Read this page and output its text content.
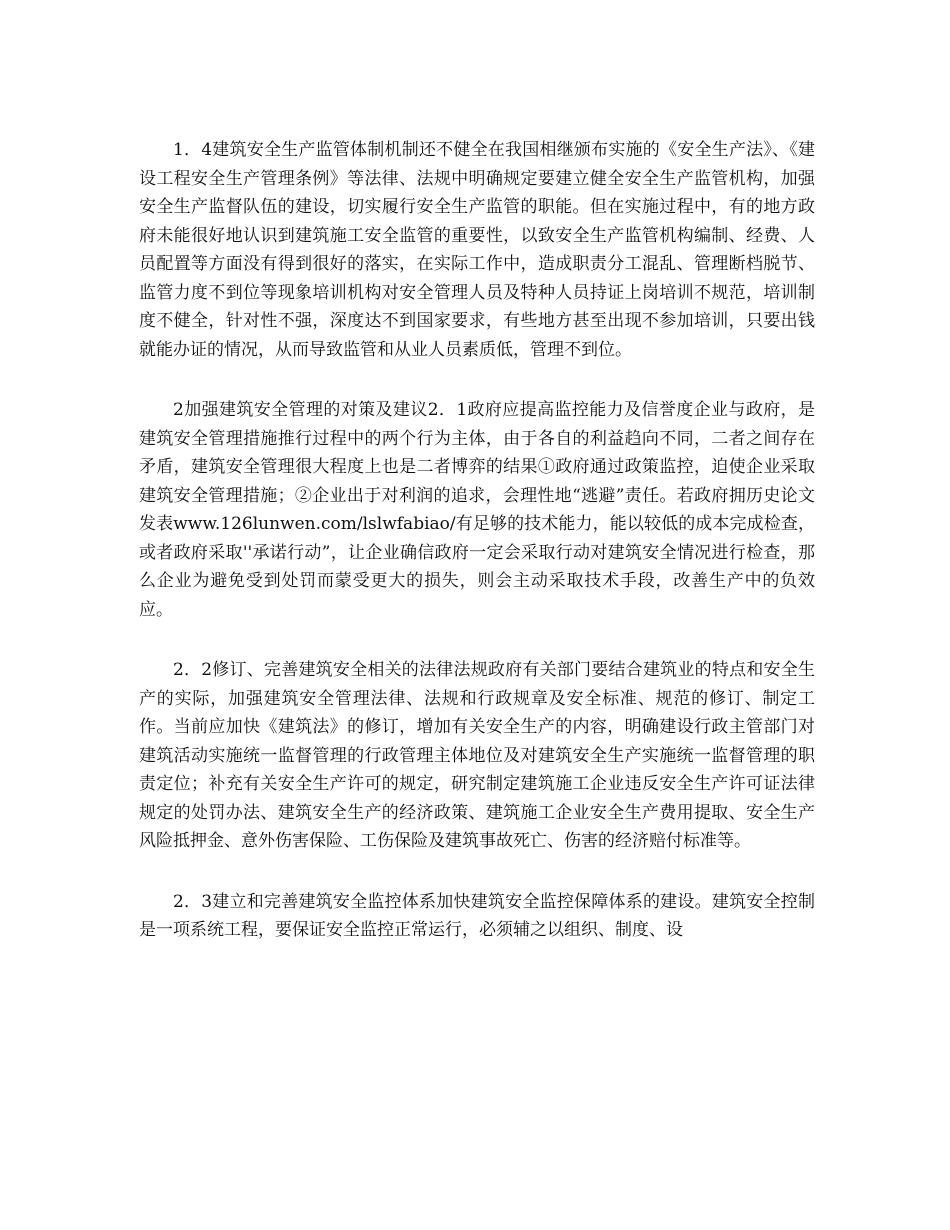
1．4建筑安全生产监管体制机制还不健全在我国相继颁布实施的《安全生产法》、《建设工程安全生产管理条例》等法律、法规中明确规定要建立健全安全生产监管机构，加强安全生产监督队伍的建设，切实履行安全生产监管的职能。但在实施过程中，有的地方政府未能很好地认识到建筑施工安全监管的重要性，以致安全生产监管机构编制、经费、人员配置等方面没有得到很好的落实，在实际工作中，造成职责分工混乱、管理断档脱节、监管力度不到位等现象培训机构对安全管理人员及特种人员持证上岗培训不规范，培训制度不健全，针对性不强，深度达不到国家要求，有些地方甚至出现不参加培训，只要出钱就能办证的情况，从而导致监管和从业人员素质低，管理不到位。

2加强建筑安全管理的对策及建议2．1政府应提高监控能力及信誉度企业与政府，是建筑安全管理措施推行过程中的两个行为主体，由于各自的利益趋向不同，二者之间存在矛盾，建筑安全管理很大程度上也是二者博弈的结果①政府通过政策监控，迫使企业采取建筑安全管理措施；②企业出于对利润的追求，会理性地“逃避”责任。若政府拥历史论文发表www.126lunwen.com/lslwfabiao/有足够的技术能力，能以较低的成本完成检查，或者政府采取''承诺行动”，让企业确信政府一定会采取行动对建筑安全情况进行检查，那么企业为避免受到处罚而蒙受更大的损失，则会主动采取技术手段，改善生产中的负效应。

2．2修订、完善建筑安全相关的法律法规政府有关部门要结合建筑业的特点和安全生产的实际，加强建筑安全管理法律、法规和行政规章及安全标准、规范的修订、制定工作。当前应加快《建筑法》的修订，增加有关安全生产的内容，明确建设行政主管部门对建筑活动实施统一监督管理的行政管理主体地位及对建筑安全生产实施统一监督管理的职责定位；补充有关安全生产许可的规定，研究制定建筑施工企业违反安全生产许可证法律规定的处罚办法、建筑安全生产的经济政策、建筑施工企业安全生产费用提取、安全生产风险抵押金、意外伤害保险、工伤保险及建筑事故死亡、伤害的经济赔付标准等。

2．3建立和完善建筑安全监控体系加快建筑安全监控保障体系的建设。建筑安全控制是一项系统工程，要保证安全监控正常运行，必须辅之以组织、制度、设
